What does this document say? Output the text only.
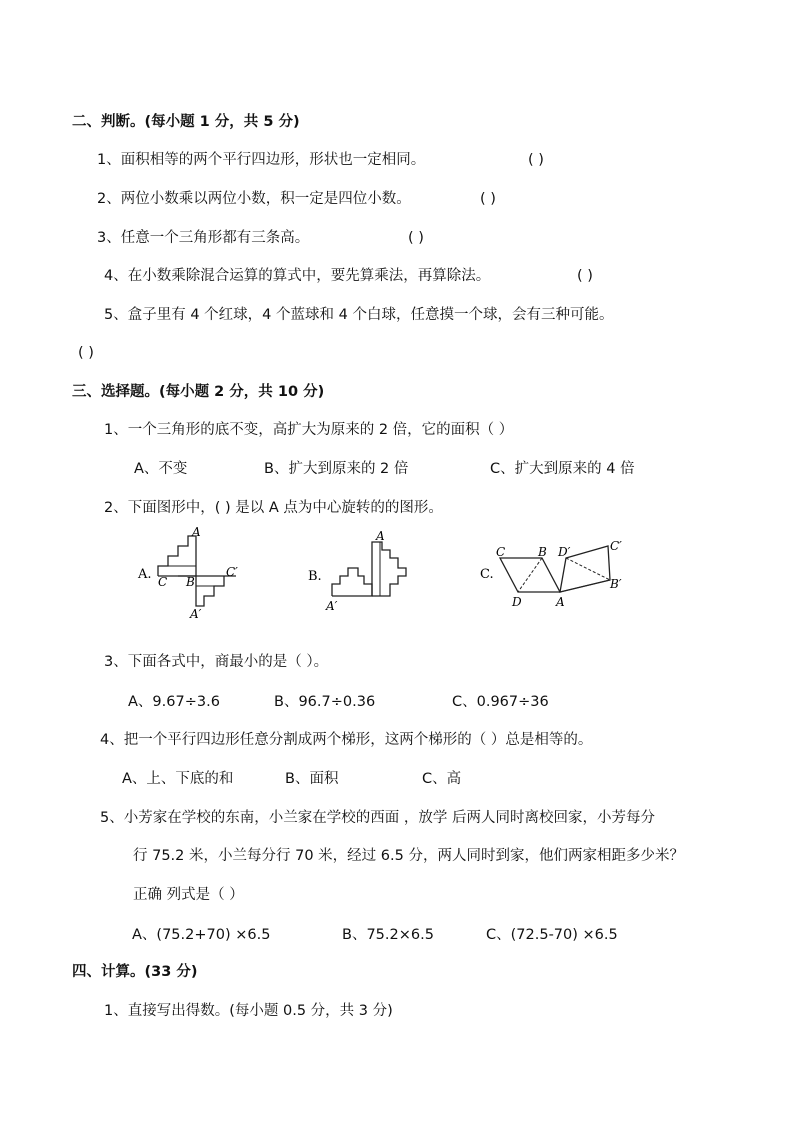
二、判断。(每小题 1 分，共 5 分)
1、面积相等的两个平行四边形，形状也一定相同。	( )
2、两位小数乘以两位小数，积一定是四位小数。	( )
3、任意一个三角形都有三条高。	( )
4、在小数乘除混合运算的算式中，要先算乘法，再算除法。	( )
5、盒子里有 4 个红球，4 个蓝球和 4 个白球，任意摸一个球，会有三种可能。
( )
三、选择题。(每小题 2 分，共 10 分)
1、一个三角形的底不变，高扩大为原来的 2 倍，它的面积（ ）
A、不变	B、扩大到原来的 2 倍	C、扩大到原来的 4 倍
2、下面图形中，( ) 是以 A 点为中心旋转的的图形。
A.
A
C B
C′
A′
B.
A
A′
C.
C	B D′	C′
B′
D	A
3、下面各式中，商最小的是（ ）。
A、9.67÷3.6	B、96.7÷0.36	C、0.967÷36
4、把一个平行四边形任意分割成两个梯形，这两个梯形的（ ）总是相等的。
A、上、下底的和	B、面积	C、高
5、小芳家在学校的东南，小兰家在学校的西面 ，放学 后两人同时离校回家，小芳每分
行 75.2 米，小兰每分行 70 米，经过 6.5 分，两人同时到家，他们两家相距多少米？
正确 列式是（ ）
A、(75.2+70) ×6.5	B、75.2×6.5	C、(72.5-70) ×6.5
四、计算。(33 分)
1、直接写出得数。(每小题 0.5 分，共 3 分)
